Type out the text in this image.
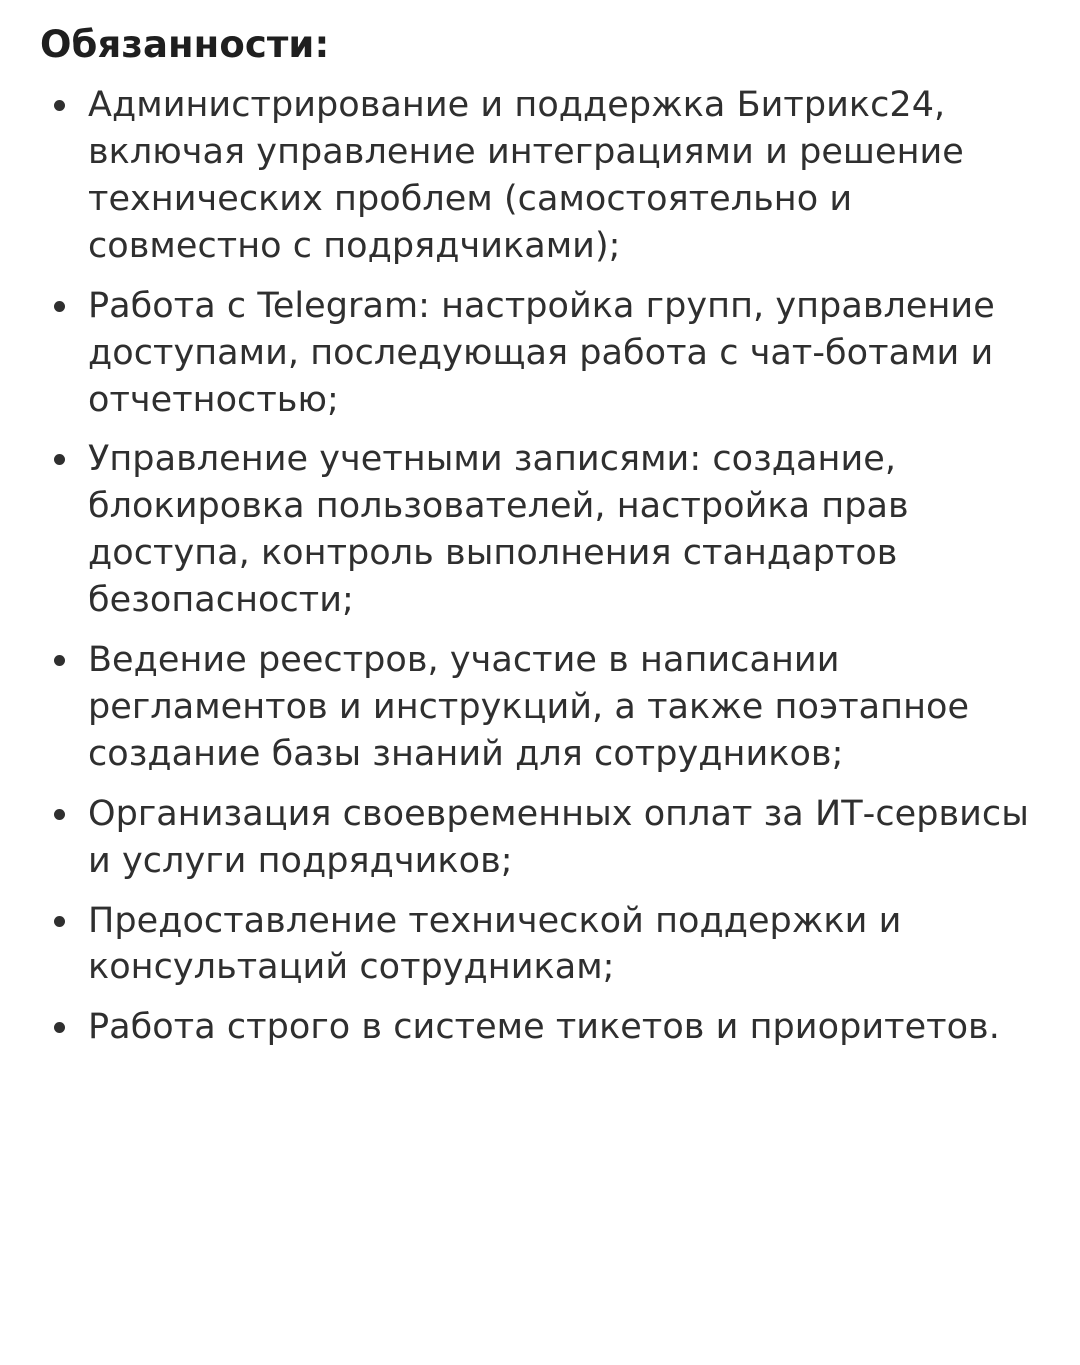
Обязанности:
Администрирование и поддержка Битрикс24, включая управление интеграциями и решение технических проблем (самостоятельно и совместно с подрядчиками);
Работа с Telegram: настройка групп, управление доступами, последующая работа с чат-ботами и отчетностью;
Управление учетными записями: создание, блокировка пользователей, настройка прав доступа, контроль выполнения стандартов безопасности;
Ведение реестров, участие в написании регламентов и инструкций, а также поэтапное создание базы знаний для сотрудников;
Организация своевременных оплат за ИТ-сервисы и услуги подрядчиков;
Предоставление технической поддержки и консультаций сотрудникам;
Работа строго в системе тикетов и приоритетов.
